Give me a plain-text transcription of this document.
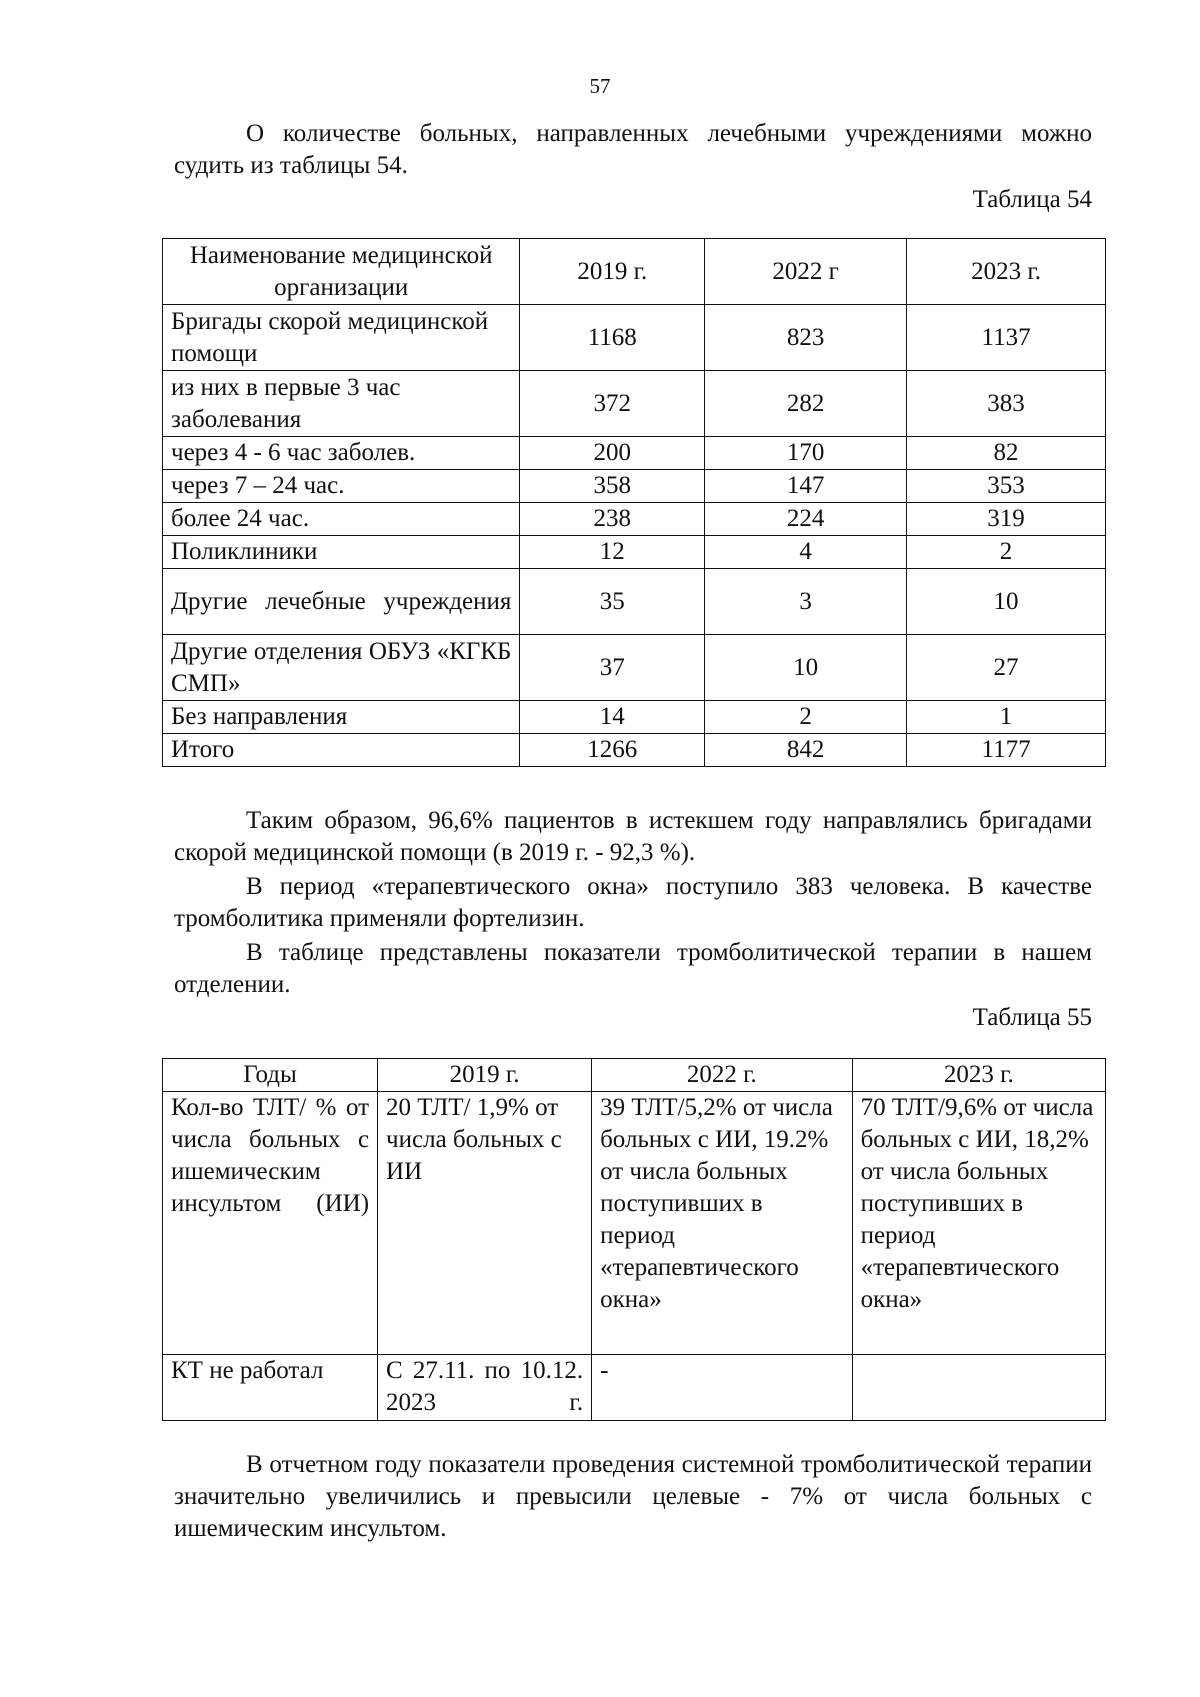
57
О количестве больных, направленных лечебными учреждениями можно судить из таблицы 54.
Таблица 54
Наименование медицинской организации	2019 г.	2022 г	2023 г.
Бригады скорой медицинской помощи	1168	823	1137
из них в первые 3 час заболевания	372	282	383
через 4 - 6 час заболев.	200	170	82
через 7 – 24 час.	358	147	353
более 24 час.	238	224	319
Поликлиники	12	4	2
Другие лечебные учреждения	35	3	10
Другие отделения ОБУЗ «КГКБ СМП»	37	10	27
Без направления	14	2	1
Итого	1266	842	1177
Таким образом, 96,6% пациентов в истекшем году направлялись бригадами скорой медицинской помощи (в 2019 г. - 92,3 %).
В период «терапевтического окна» поступило 383 человека. В качестве тромболитика применяли фортелизин.
В таблице представлены показатели тромболитической терапии в нашем отделении.
Таблица 55
Годы	2019 г.	2022 г.	2023 г.
Кол-во ТЛТ/ % от числа больных с ишемическим инсультом (ИИ)	20 ТЛТ/ 1,9% от числа больных с ИИ	39 ТЛТ/5,2% от числа больных с ИИ, 19.2% от числа больных поступивших в период «терапевтического окна»	70 ТЛТ/9,6% от числа больных с ИИ, 18,2% от числа больных поступивших в период «терапевтического окна»
КТ не работал	С 27.11. по 10.12. 2023 г.	-	
В отчетном году показатели проведения системной тромболитической терапии значительно увеличились и превысили целевые - 7% от числа больных с ишемическим инсультом.
